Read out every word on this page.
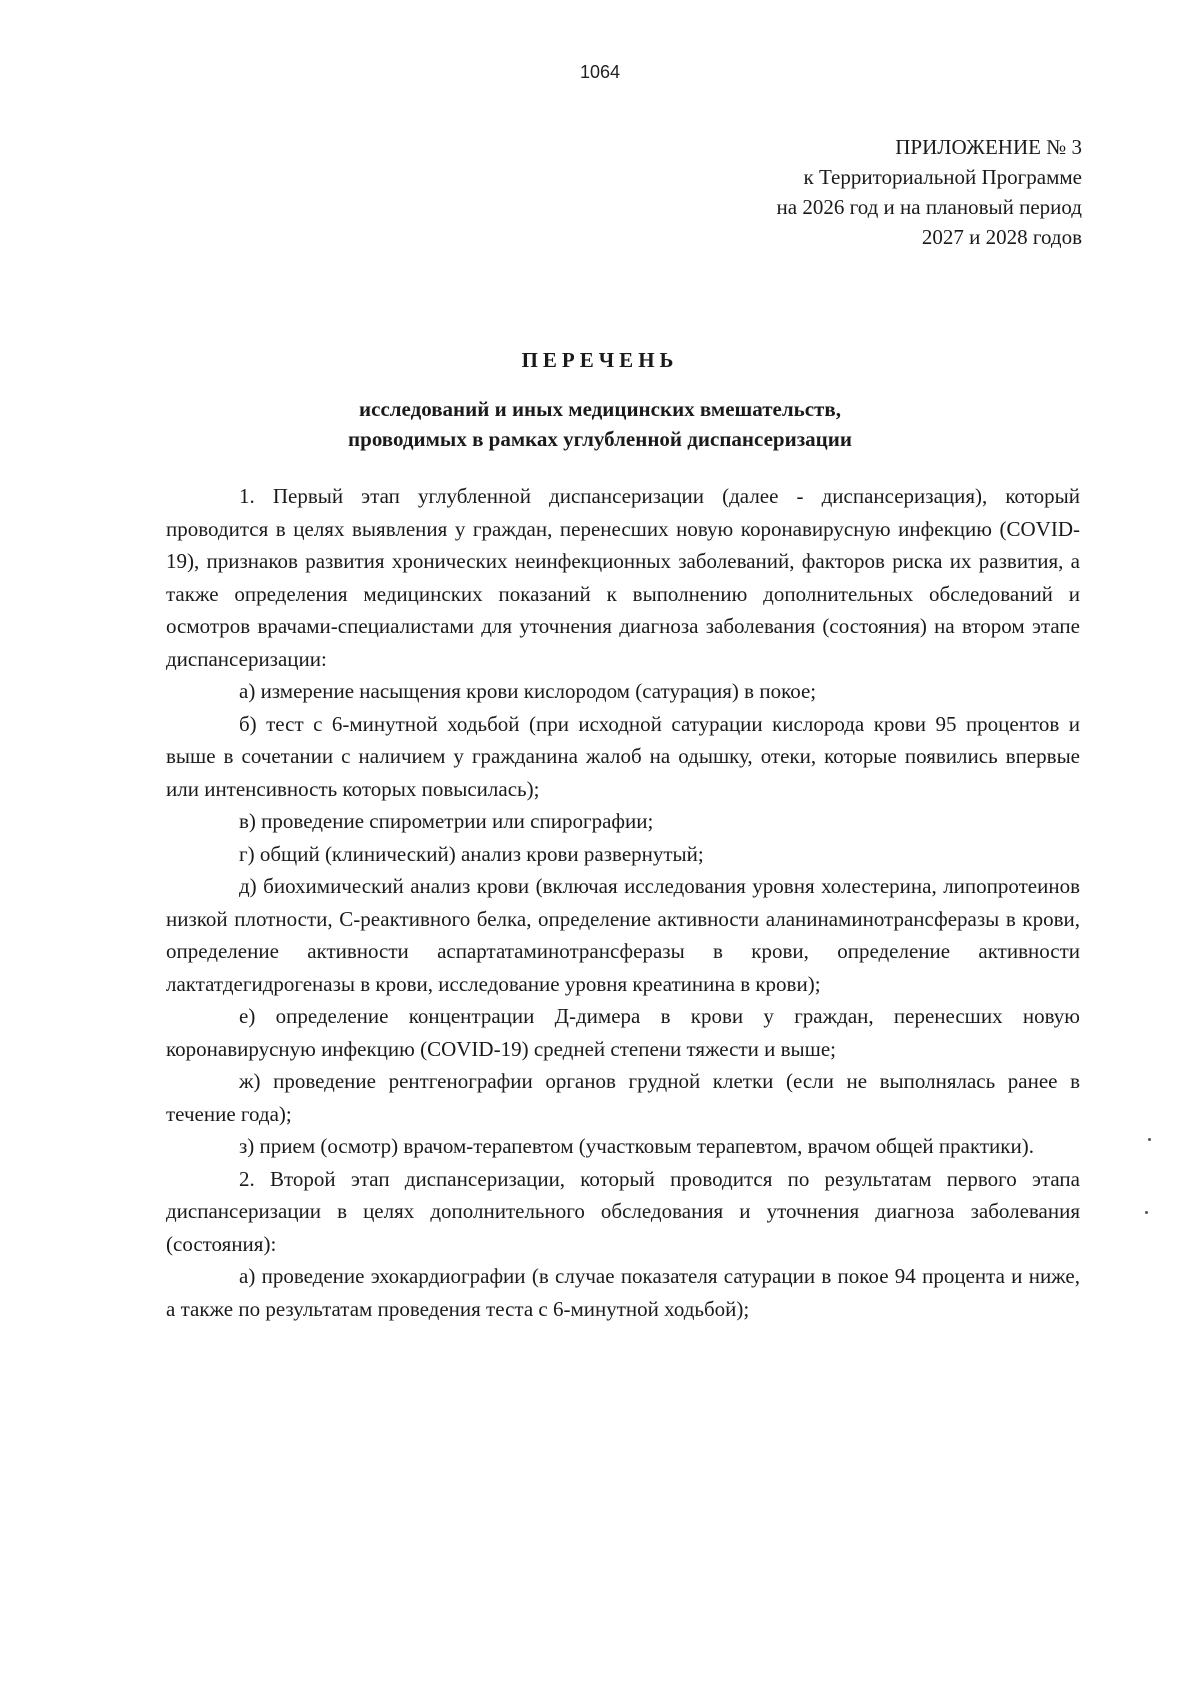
1064
ПРИЛОЖЕНИЕ № 3
к Территориальной Программе
на 2026 год и на плановый период
2027 и 2028 годов
ПЕРЕЧЕНЬ
исследований и иных медицинских вмешательств,
проводимых в рамках углубленной диспансеризации

1. Первый этап углубленной диспансеризации (далее - диспансеризация), который проводится в целях выявления у граждан, перенесших новую коронавирусную инфекцию (COVID-19), признаков развития хронических неинфекционных заболеваний, факторов риска их развития, а также определения медицинских показаний к выполнению дополнительных обследований и осмотров врачами-специалистами для уточнения диагноза заболевания (состояния) на втором этапе диспансеризации:

а) измерение насыщения крови кислородом (сатурация) в покое;

б) тест с 6-минутной ходьбой (при исходной сатурации кислорода крови 95 процентов и выше в сочетании с наличием у гражданина жалоб на одышку, отеки, которые появились впервые или интенсивность которых повысилась);

в) проведение спирометрии или спирографии;

г) общий (клинический) анализ крови развернутый;

д) биохимический анализ крови (включая исследования уровня холестерина, липопротеинов низкой плотности, С-реактивного белка, определение активности аланинаминотрансферазы в крови, определение активности аспартатаминотрансферазы в крови, определение активности лактатдегидрогеназы в крови, исследование уровня креатинина в крови);

е) определение концентрации Д-димера в крови у граждан, перенесших новую коронавирусную инфекцию (COVID-19) средней степени тяжести и выше;

ж) проведение рентгенографии органов грудной клетки (если не выполнялась ранее в течение года);

з) прием (осмотр) врачом-терапевтом (участковым терапевтом, врачом общей практики).

2. Второй этап диспансеризации, который проводится по результатам первого этапа диспансеризации в целях дополнительного обследования и уточнения диагноза заболевания (состояния):

а) проведение эхокардиографии (в случае показателя сатурации в покое 94 процента и ниже, а также по результатам проведения теста с 6-минутной ходьбой);
